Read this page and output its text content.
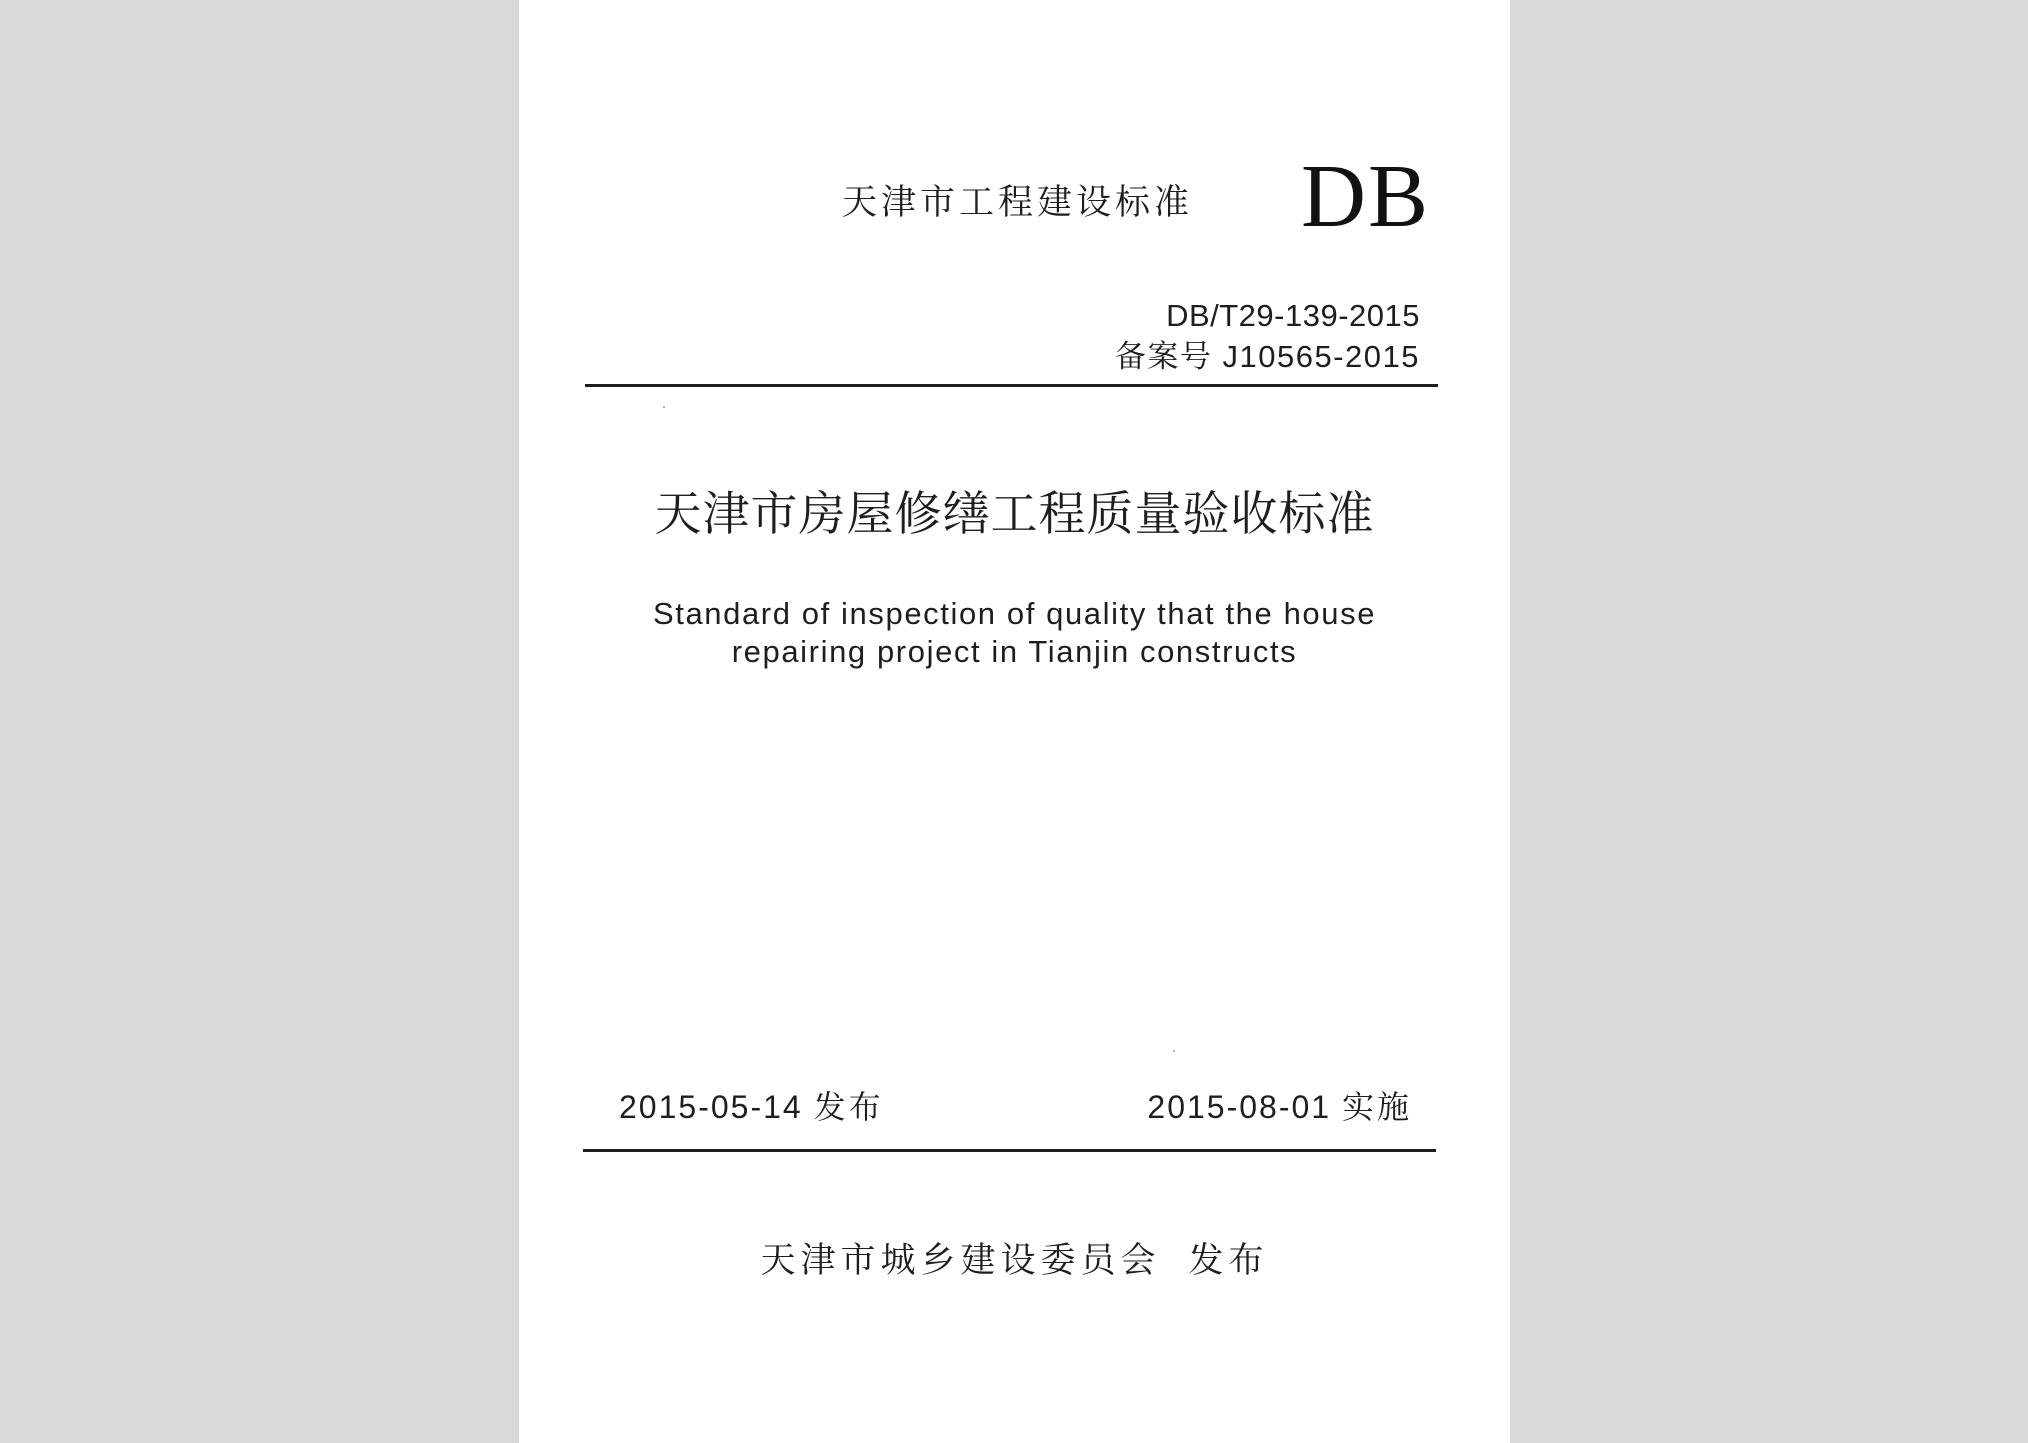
天津市工程建设标准 DB
DB/T29-139-2015
备案号 J10565-2015
天津市房屋修缮工程质量验收标准
Standard of inspection of quality that the house
repairing project in Tianjin constructs
2015-05-14 发布	2015-08-01 实施
天津市城乡建设委员会 发布
